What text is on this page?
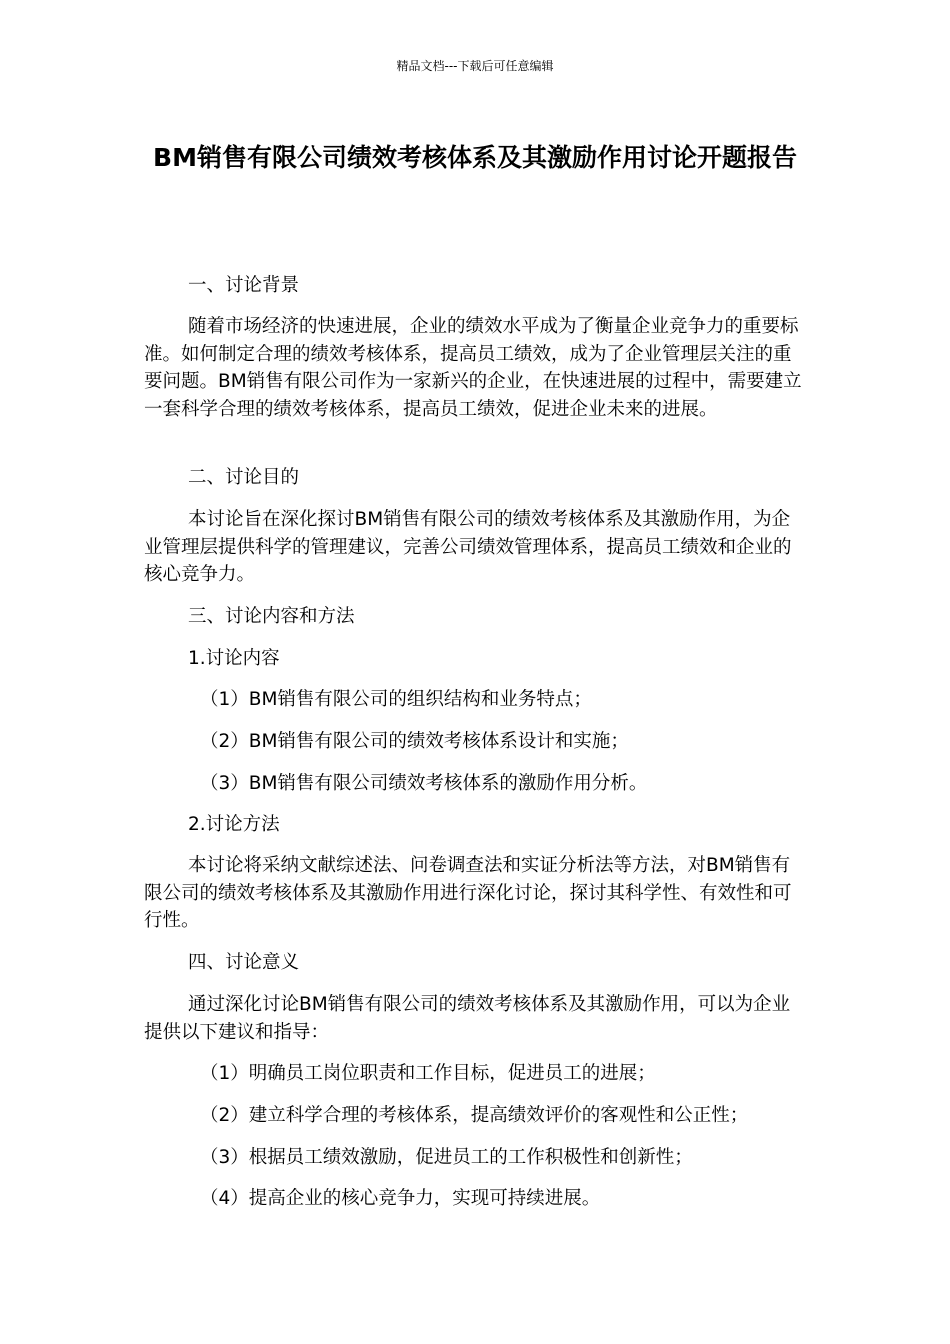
精品文档---下载后可任意编辑
BM销售有限公司绩效考核体系及其激励作用讨论开题报告

一、讨论背景

随着市场经济的快速进展，企业的绩效水平成为了衡量企业竞争力的重要标准。如何制定合理的绩效考核体系，提高员工绩效，成为了企业管理层关注的重要问题。BM销售有限公司作为一家新兴的企业，在快速进展的过程中，需要建立一套科学合理的绩效考核体系，提高员工绩效，促进企业未来的进展。

二、讨论目的

本讨论旨在深化探讨BM销售有限公司的绩效考核体系及其激励作用，为企业管理层提供科学的管理建议，完善公司绩效管理体系，提高员工绩效和企业的核心竞争力。

三、讨论内容和方法

1.讨论内容

（1）BM销售有限公司的组织结构和业务特点；

（2）BM销售有限公司的绩效考核体系设计和实施；

（3）BM销售有限公司绩效考核体系的激励作用分析。

2.讨论方法

本讨论将采纳文献综述法、问卷调查法和实证分析法等方法，对BM销售有限公司的绩效考核体系及其激励作用进行深化讨论，探讨其科学性、有效性和可行性。

四、讨论意义

通过深化讨论BM销售有限公司的绩效考核体系及其激励作用，可以为企业提供以下建议和指导：

（1）明确员工岗位职责和工作目标，促进员工的进展；

（2）建立科学合理的考核体系，提高绩效评价的客观性和公正性；

（3）根据员工绩效激励，促进员工的工作积极性和创新性；

（4）提高企业的核心竞争力，实现可持续进展。
